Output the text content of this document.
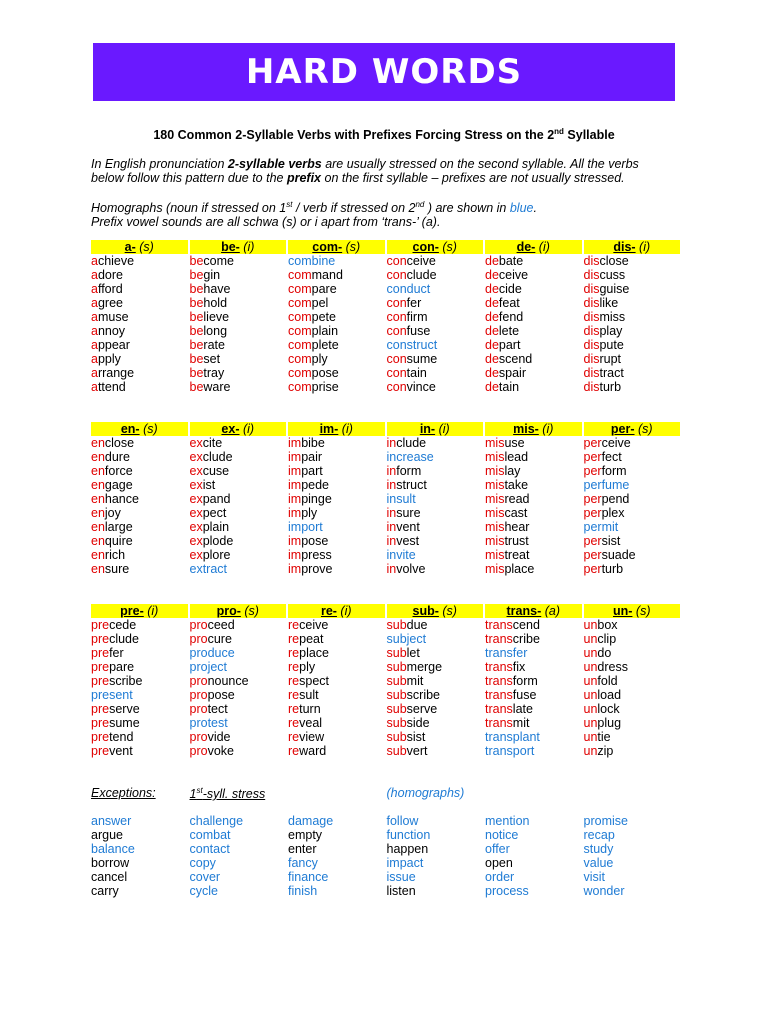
HARD WORDS
180 Common 2-Syllable Verbs with Prefixes Forcing Stress on the 2nd Syllable
In English pronunciation 2-syllable verbs are usually stressed on the second syllable. All the verbs
below follow this pattern due to the prefix on the first syllable – prefixes are not usually stressed.
Homographs (noun if stressed on 1st / verb if stressed on 2nd ) are shown in blue.
Prefix vowel sounds are all schwa (s) or i apart from ‘trans-’ (a).
a- (s)
achieve
adore
afford
agree
amuse
annoy
appear
apply
arrange
attend
be- (i)
become
begin
behave
behold
believe
belong
berate
beset
betray
beware
com- (s)
combine
command
compare
compel
compete
complain
complete
comply
compose
comprise
con- (s)
conceive
conclude
conduct
confer
confirm
confuse
construct
consume
contain
convince
de- (i)
debate
deceive
decide
defeat
defend
delete
depart
descend
despair
detain
dis- (i)
disclose
discuss
disguise
dislike
dismiss
display
dispute
disrupt
distract
disturb
en- (s)
enclose
endure
enforce
engage
enhance
enjoy
enlarge
enquire
enrich
ensure
ex- (i)
excite
exclude
excuse
exist
expand
expect
explain
explode
explore
extract
im- (i)
imbibe
impair
impart
impede
impinge
imply
import
impose
impress
improve
in- (i)
include
increase
inform
instruct
insult
insure
invent
invest
invite
involve
mis- (i)
misuse
mislead
mislay
mistake
misread
miscast
mishear
mistrust
mistreat
misplace
per- (s)
perceive
perfect
perform
perfume
perpend
perplex
permit
persist
persuade
perturb
pre- (i)
precede
preclude
prefer
prepare
prescribe
present
preserve
presume
pretend
prevent
pro- (s)
proceed
procure
produce
project
pronounce
propose
protect
protest
provide
provoke
re- (i)
receive
repeat
replace
reply
respect
result
return
reveal
review
reward
sub- (s)
subdue
subject
sublet
submerge
submit
subscribe
subserve
subside
subsist
subvert
trans- (a)
transcend
transcribe
transfer
transfix
transform
transfuse
translate
transmit
transplant
transport
un- (s)
unbox
unclip
undo
undress
unfold
unload
unlock
unplug
untie
unzip
Exceptions:	1st-syll. stress	(homographs)
answer
argue
balance
borrow
cancel
carry
challenge
combat
contact
copy
cover
cycle
damage
empty
enter
fancy
finance
finish
follow
function
happen
impact
issue
listen
mention
notice
offer
open
order
process
promise
recap
study
value
visit
wonder
